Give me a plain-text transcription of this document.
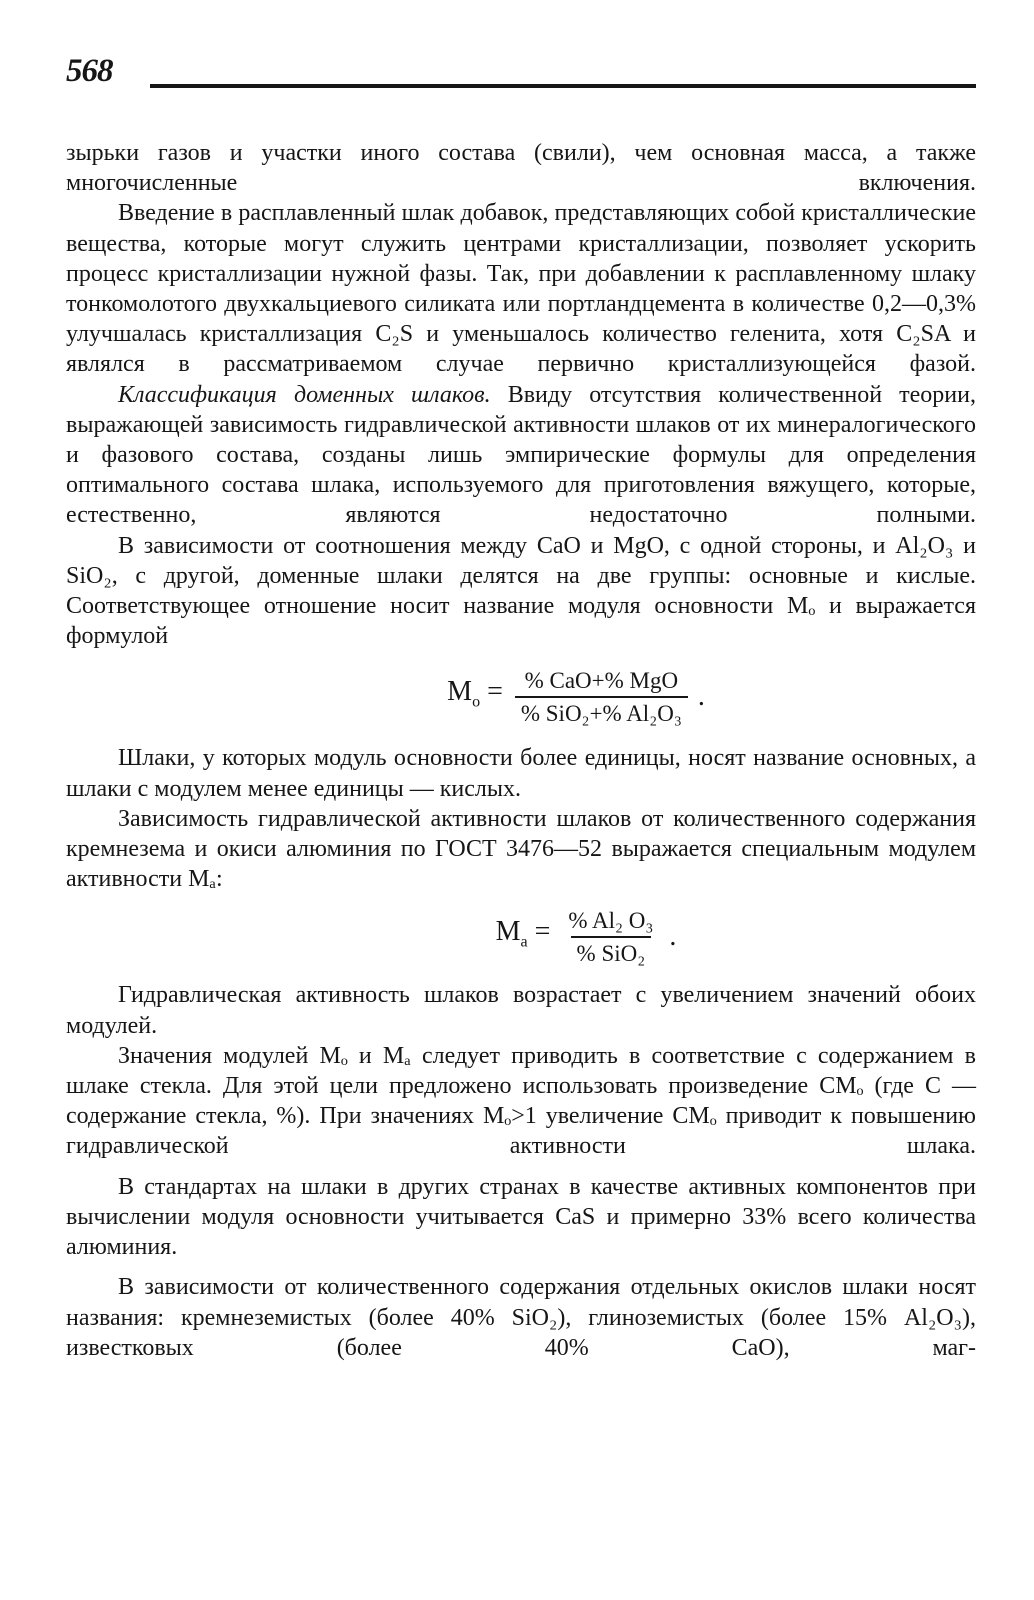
568

зырьки газов и участки иного состава (свили), чем основная масса, а также многочисленные включения.

Введение в расплавленный шлак добавок, представляющих собой кристаллические вещества, которые могут служить центрами кристаллизации, позволяет ускорить процесс кристаллизации нужной фазы. Так, при добавлении к расплавленному шлаку тонкомолотого двухкальциевого силиката или портландцемента в количестве 0,2—0,3% улучшалась кристаллизация C₂S и уменьшалось количество геленита, хотя C₂SA и являлся в рассматриваемом случае первично кристаллизующейся фазой.

Классификация доменных шлаков. Ввиду отсутствия количественной теории, выражающей зависимость гидравлической активности шлаков от их минералогического и фазового состава, созданы лишь эмпирические формулы для определения оптимального состава шлака, используемого для приготовления вяжущего, которые, естественно, являются недостаточно полными.

В зависимости от соотношения между CaO и MgO, с одной стороны, и Al₂O₃ и SiO₂, с другой, доменные шлаки делятся на две группы: основные и кислые. Соответствующее отношение носит название модуля основности Mₒ и выражается формулой

$M_o = \frac{\text{\% CaO+\% MgO}}{\text{\% SiO₂+\% Al₂O₃}}$ .

Шлаки, у которых модуль основности более единицы, носят название основных, а шлаки с модулем менее единицы — кислых.

Зависимость гидравлической активности шлаков от количественного содержания кремнезема и окиси алюминия по ГОСТ 3476—52 выражается специальным модулем активности Mₐ:

$M_a = \frac{\text{\% Al₂ O₃}}{\text{\% SiO₂}}$ .

Гидравлическая активность шлаков возрастает с увеличением значений обоих модулей.

Значения модулей Mₒ и Mₐ следует приводить в соответствие с содержанием в шлаке стекла. Для этой цели предложено использовать произведение CMₒ (где C — содержание стекла, %). При значениях Mₒ>1 увеличение CMₒ приводит к повышению гидравлической активности шлака.

В стандартах на шлаки в других странах в качестве активных компонентов при вычислении модуля основности учитывается CaS и примерно 33% всего количества алюминия.

В зависимости от количественного содержания отдельных окислов шлаки носят названия: кремнеземистых (более 40% SiO₂), глиноземистых (более 15% Al₂O₃), известковых (более 40% CaO), маг-
